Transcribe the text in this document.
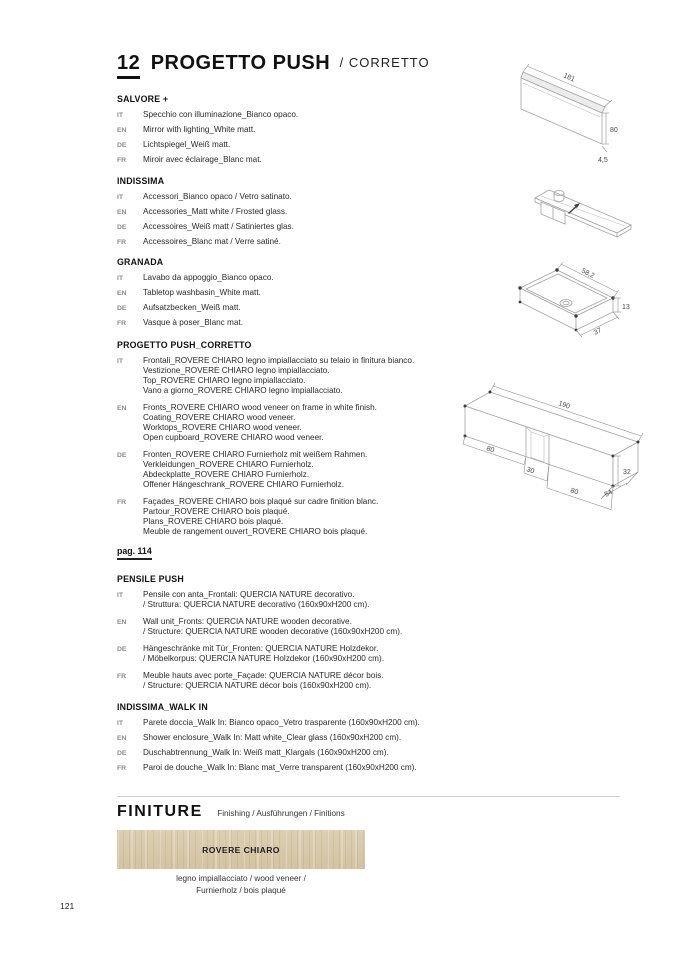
12 PROGETTO PUSH / CORRETTO
SALVORE +
IT	Specchio con illuminazione_Bianco opaco.
EN	Mirror with lighting_White matt.
DE	Lichtspiegel_Weiß matt.
FR	Miroir avec éclairage_Blanc mat.
INDISSIMA
IT	Accessori_Bianco opaco / Vetro satinato.
EN	Accessories_Matt white / Frosted glass.
DE	Accessoires_Weiß matt / Satiniertes glas.
FR	Accessoires_Blanc mat / Verre satiné.
GRANADA
IT	Lavabo da appoggio_Bianco opaco.
EN	Tabletop washbasin_White matt.
DE	Aufsatzbecken_Weiß matt.
FR	Vasque à poser_Blanc mat.
PROGETTO PUSH_CORRETTO
IT	Frontali_ROVERE CHIARO legno impiallacciato su telaio in finitura bianco.
Vestizione_ROVERE CHIARO legno impiallacciato.
Top_ROVERE CHIARO legno impiallacciato.
Vano a giorno_ROVERE CHIARO legno impiallacciato.
EN	Fronts_ROVERE CHIARO wood veneer on frame in white finish.
Coating_ROVERE CHIARO wood veneer.
Worktops_ROVERE CHIARO wood veneer.
Open cupboard_ROVERE CHIARO wood veneer.
DE	Fronten_ROVERE CHIARO Furnierholz mit weißem Rahmen.
Verkleidungen_ROVERE CHIARO Furnierholz.
Abdeckplatte_ROVERE CHIARO Furnierholz.
Offener Hängeschrank_ROVERE CHIARO Furnierholz.
FR	Façades_ROVERE CHIARO bois plaqué sur cadre finition blanc.
Partour_ROVERE CHIARO bois plaqué.
Plans_ROVERE CHIARO bois plaqué.
Meuble de rangement ouvert_ROVERE CHIARO bois plaqué.
pag. 114
PENSILE PUSH
IT	Pensile con anta_Frontali: QUERCIA NATURE decorativo.
/ Struttura: QUERCIA NATURE decorativo (160x90xH200 cm).
EN	Wall unit_Fronts: QUERCIA NATURE wooden decorative.
/ Structure: QUERCIA NATURE wooden decorative (160x90xH200 cm).
DE	Hängeschränke mit Tür_Fronten: QUERCIA NATURE Holzdekor.
/ Möbelkorpus: QUERCIA NATURE Holzdekor (160x90xH200 cm).
FR	Meuble hauts avec porte_Façade: QUERCIA NATURE décor bois.
/ Structure: QUERCIA NATURE décor bois (160x90xH200 cm).
INDISSIMA_WALK IN
IT	Parete doccia_Walk In: Bianco opaco_Vetro trasparente (160x90xH200 cm).
EN	Shower enclosure_Walk In: Matt white_Clear glass (160x90xH200 cm).
DE	Duschabtrennung_Walk In: Weiß matt_Klargals (160x90xH200 cm).
FR	Paroi de douche_Walk In: Blanc mat_Verre transparent (160x90xH200 cm).
181
80
4,5
58,2
13
37
190
80
30
80
32
54
FINITURE Finishing / Ausführungen / Finitions
ROVERE CHIARO
legno impiallacciato / wood veneer /
Furnierholz / bois plaqué
121
